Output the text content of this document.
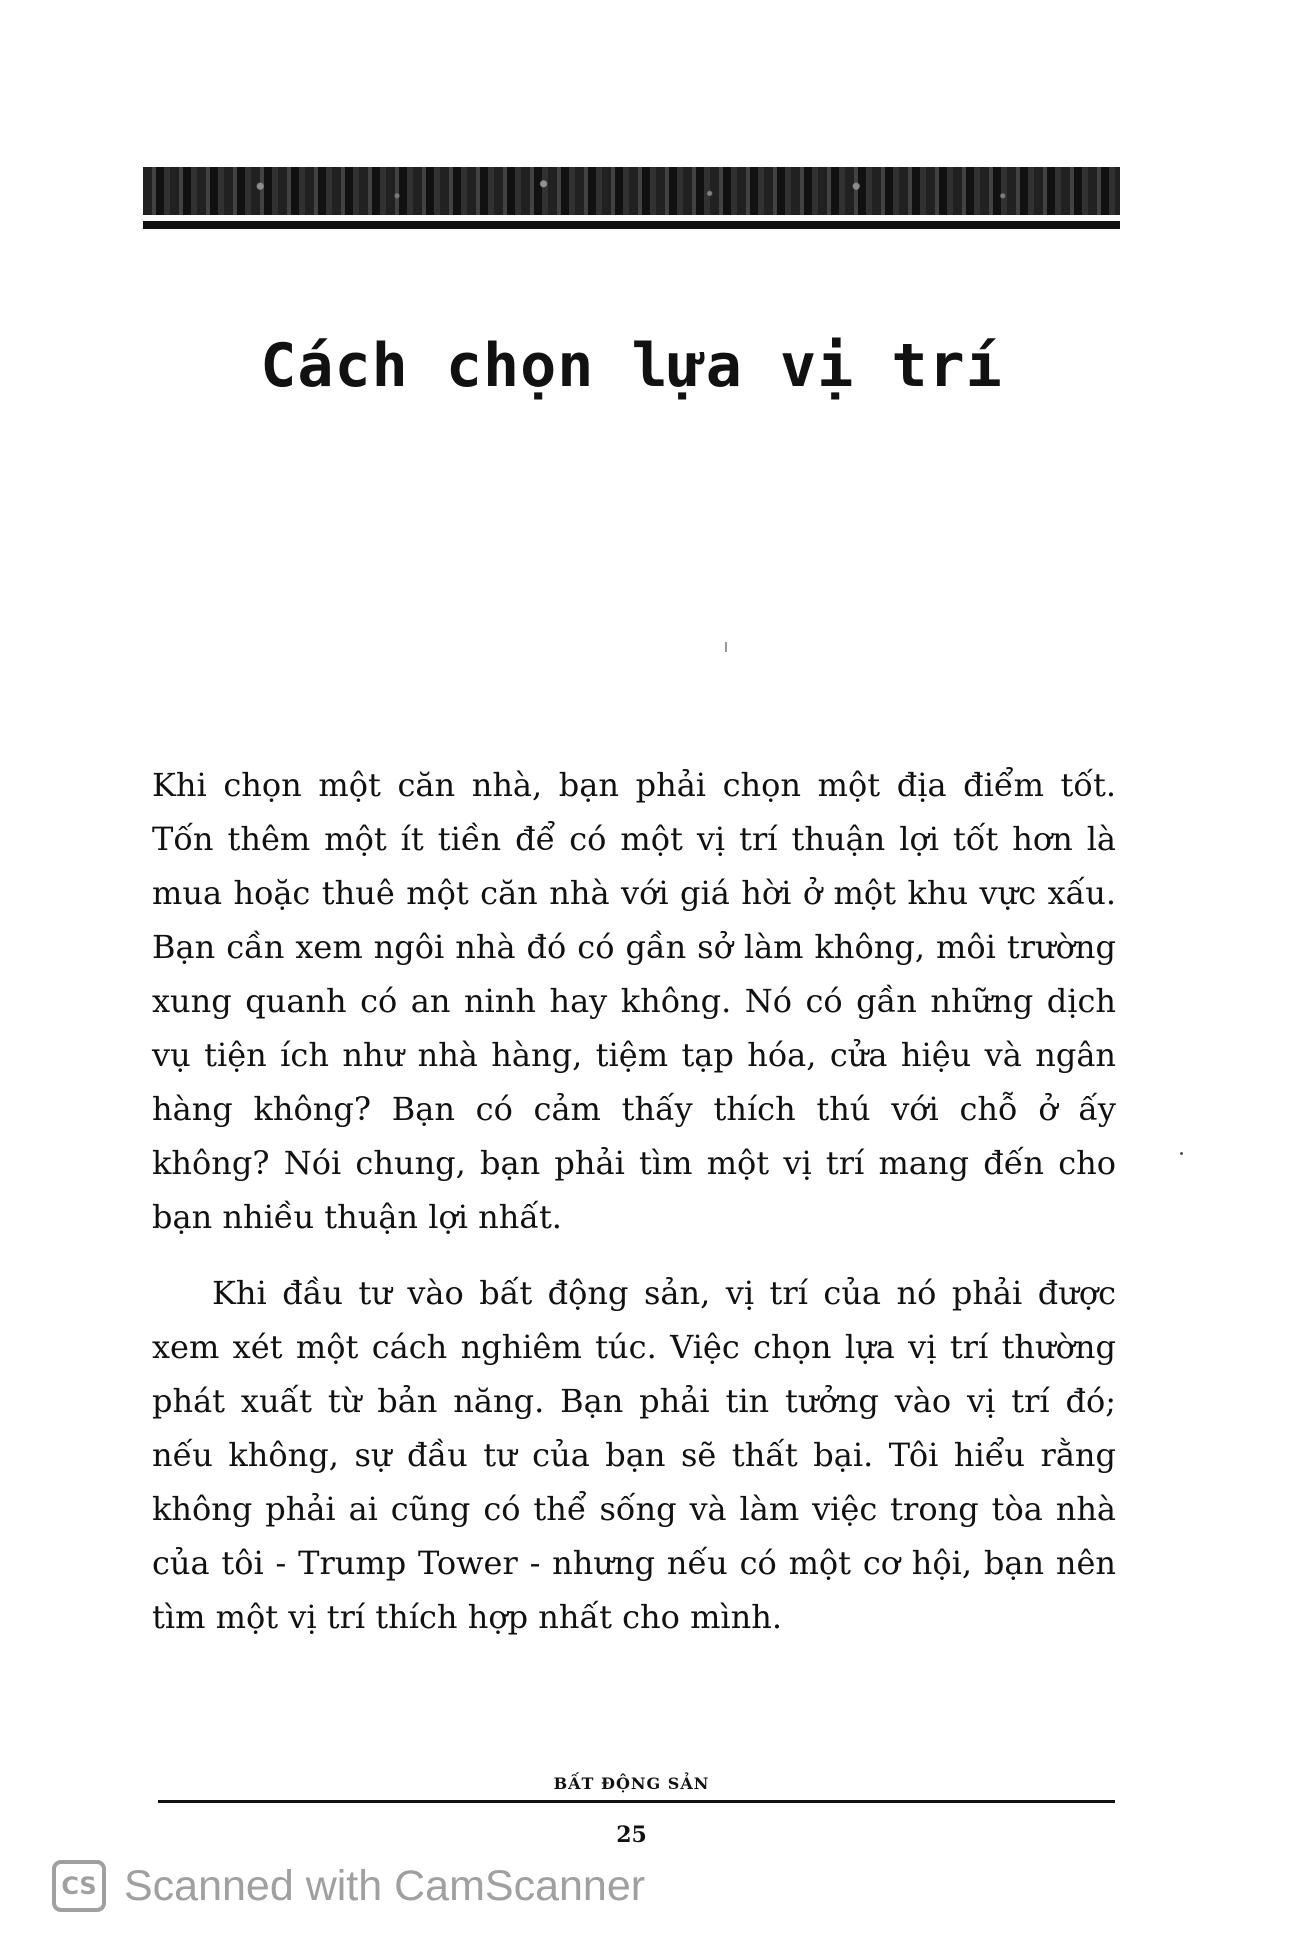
Cách chọn lựa vị trí

Khi chọn một căn nhà, bạn phải chọn một địa điểm tốt. Tốn thêm một ít tiền để có một vị trí thuận lợi tốt hơn là mua hoặc thuê một căn nhà với giá hời ở một khu vực xấu. Bạn cần xem ngôi nhà đó có gần sở làm không, môi trường xung quanh có an ninh hay không. Nó có gần những dịch vụ tiện ích như nhà hàng, tiệm tạp hóa, cửa hiệu và ngân hàng không? Bạn có cảm thấy thích thú với chỗ ở ấy không? Nói chung, bạn phải tìm một vị trí mang đến cho bạn nhiều thuận lợi nhất.

Khi đầu tư vào bất động sản, vị trí của nó phải được xem xét một cách nghiêm túc. Việc chọn lựa vị trí thường phát xuất từ bản năng. Bạn phải tin tưởng vào vị trí đó; nếu không, sự đầu tư của bạn sẽ thất bại. Tôi hiểu rằng không phải ai cũng có thể sống và làm việc trong tòa nhà của tôi - Trump Tower - nhưng nếu có một cơ hội, bạn nên tìm một vị trí thích hợp nhất cho mình.

BẤT ĐỘNG SẢN
25
CS Scanned with CamScanner
